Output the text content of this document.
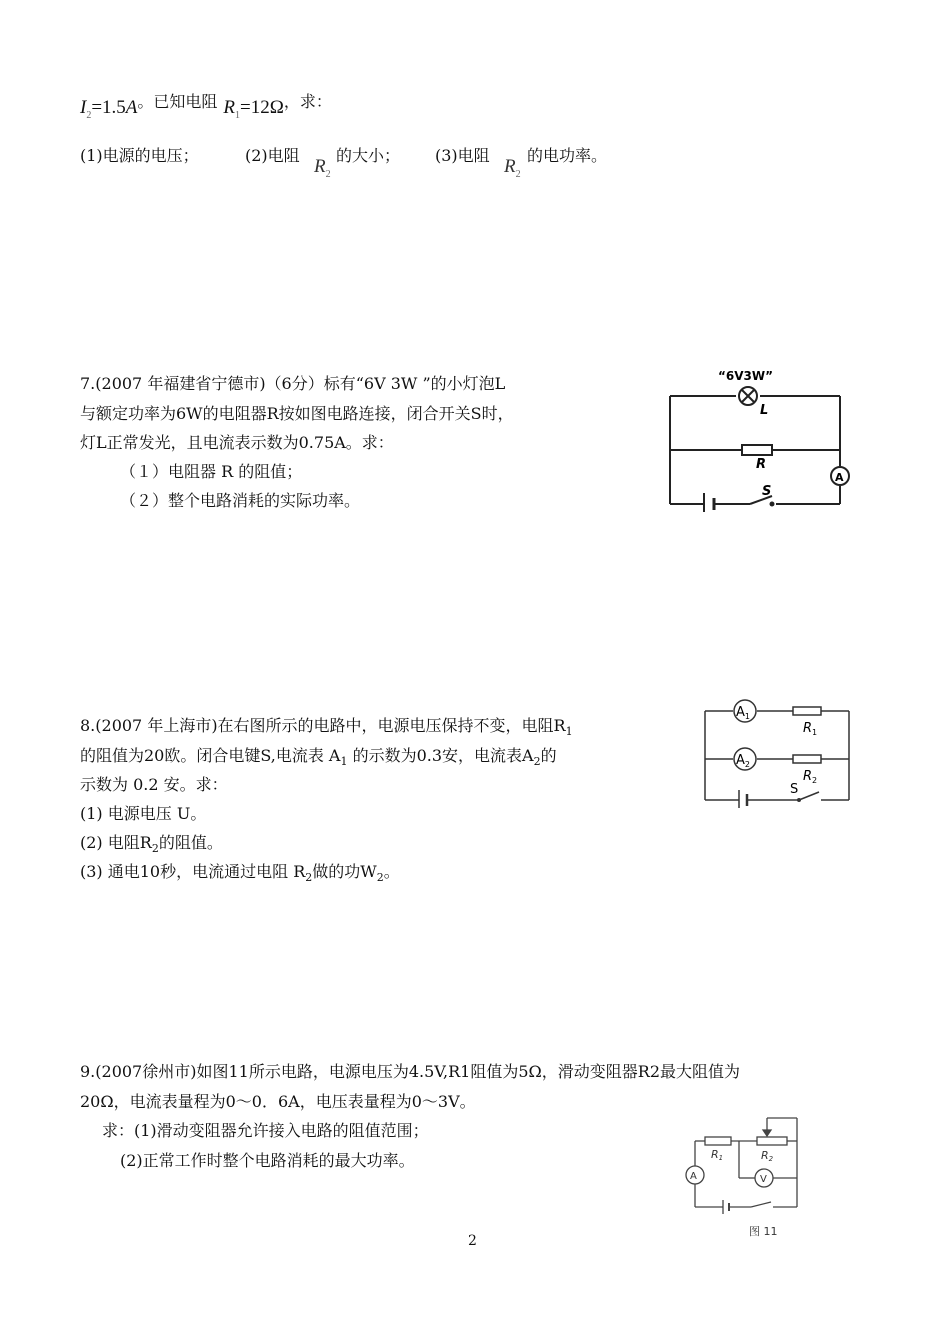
$I_2=1.5A$。已知电阻 $R_1=12\Omega$，求：
(1)电源的电压；	(2)电阻
$R_2$
的大小； (3)电阻
$R_2$
的电功率。
7.(2007 年福建省宁德市)（6分）标有“6V 3W ”的小灯泡L
与额定功率为6W的电阻器R按如图电路连接，闭合开关S时，
灯L正常发光，且电流表示数为0.75A。求：
（１）电阻器 R 的阻值；
（２）整个电路消耗的实际功率。
“6V3W”
L
R
A
S
8.(2007 年上海市)在右图所示的电路中，电源电压保持不变，电阻$R_1$
的阻值为20欧。闭合电键S,电流表 $A_1$ 的示数为0.3安，电流表$A_2$的
示数为 0.2 安。求：
(1) 电源电压 U。
(2) 电阻$R_2$的阻值。
(3) 通电10秒，电流通过电阻 $R_2$做的功$W_2$。
$A_1$
$A_2$
$R_1$
$R_2$
S
9.(2007徐州市)如图11所示电路，电源电压为4.5V,R1阻值为5Ω，滑动变阻器R2最大阻值为
20Ω，电流表量程为0～0．6A，电压表量程为0～3V。
求：(1)滑动变阻器允许接入电路的阻值范围；
(2)正常工作时整个电路消耗的最大功率。	R1	R2
A	V
图 11
2
